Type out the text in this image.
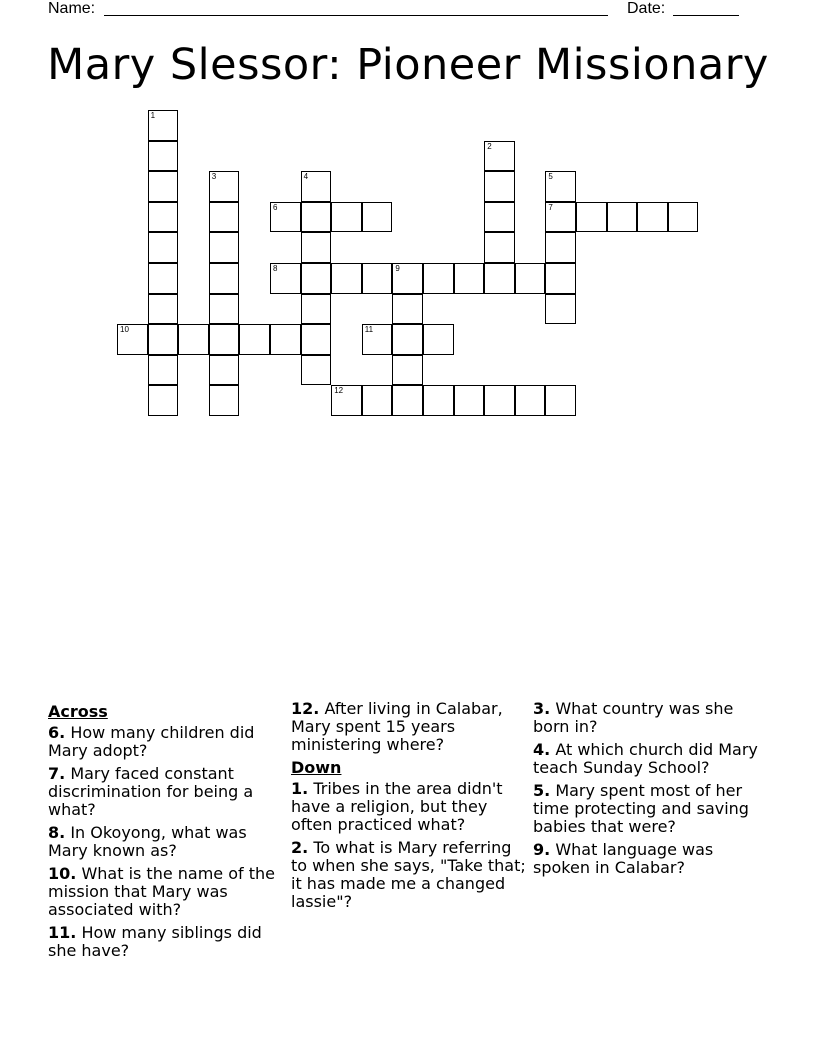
Name:	Date:
Mary Slessor: Pioneer Missionary
1
2
3	4	5
7
6
8	9
10	11
12
Across
6. How many children did Mary adopt?
7. Mary faced constant discrimination for being a what?
8. In Okoyong, what was Mary known as?
10. What is the name of the mission that Mary was associated with?
11. How many siblings did she have?
12. After living in Calabar, Mary spent 15 years ministering where?
Down
1. Tribes in the area didn't have a religion, but they often practiced what?
2. To what is Mary referring to when she says, "Take that; it has made me a changed lassie"?
3. What country was she born in?
4. At which church did Mary teach Sunday School?
5. Mary spent most of her time protecting and saving babies that were?
9. What language was spoken in Calabar?
